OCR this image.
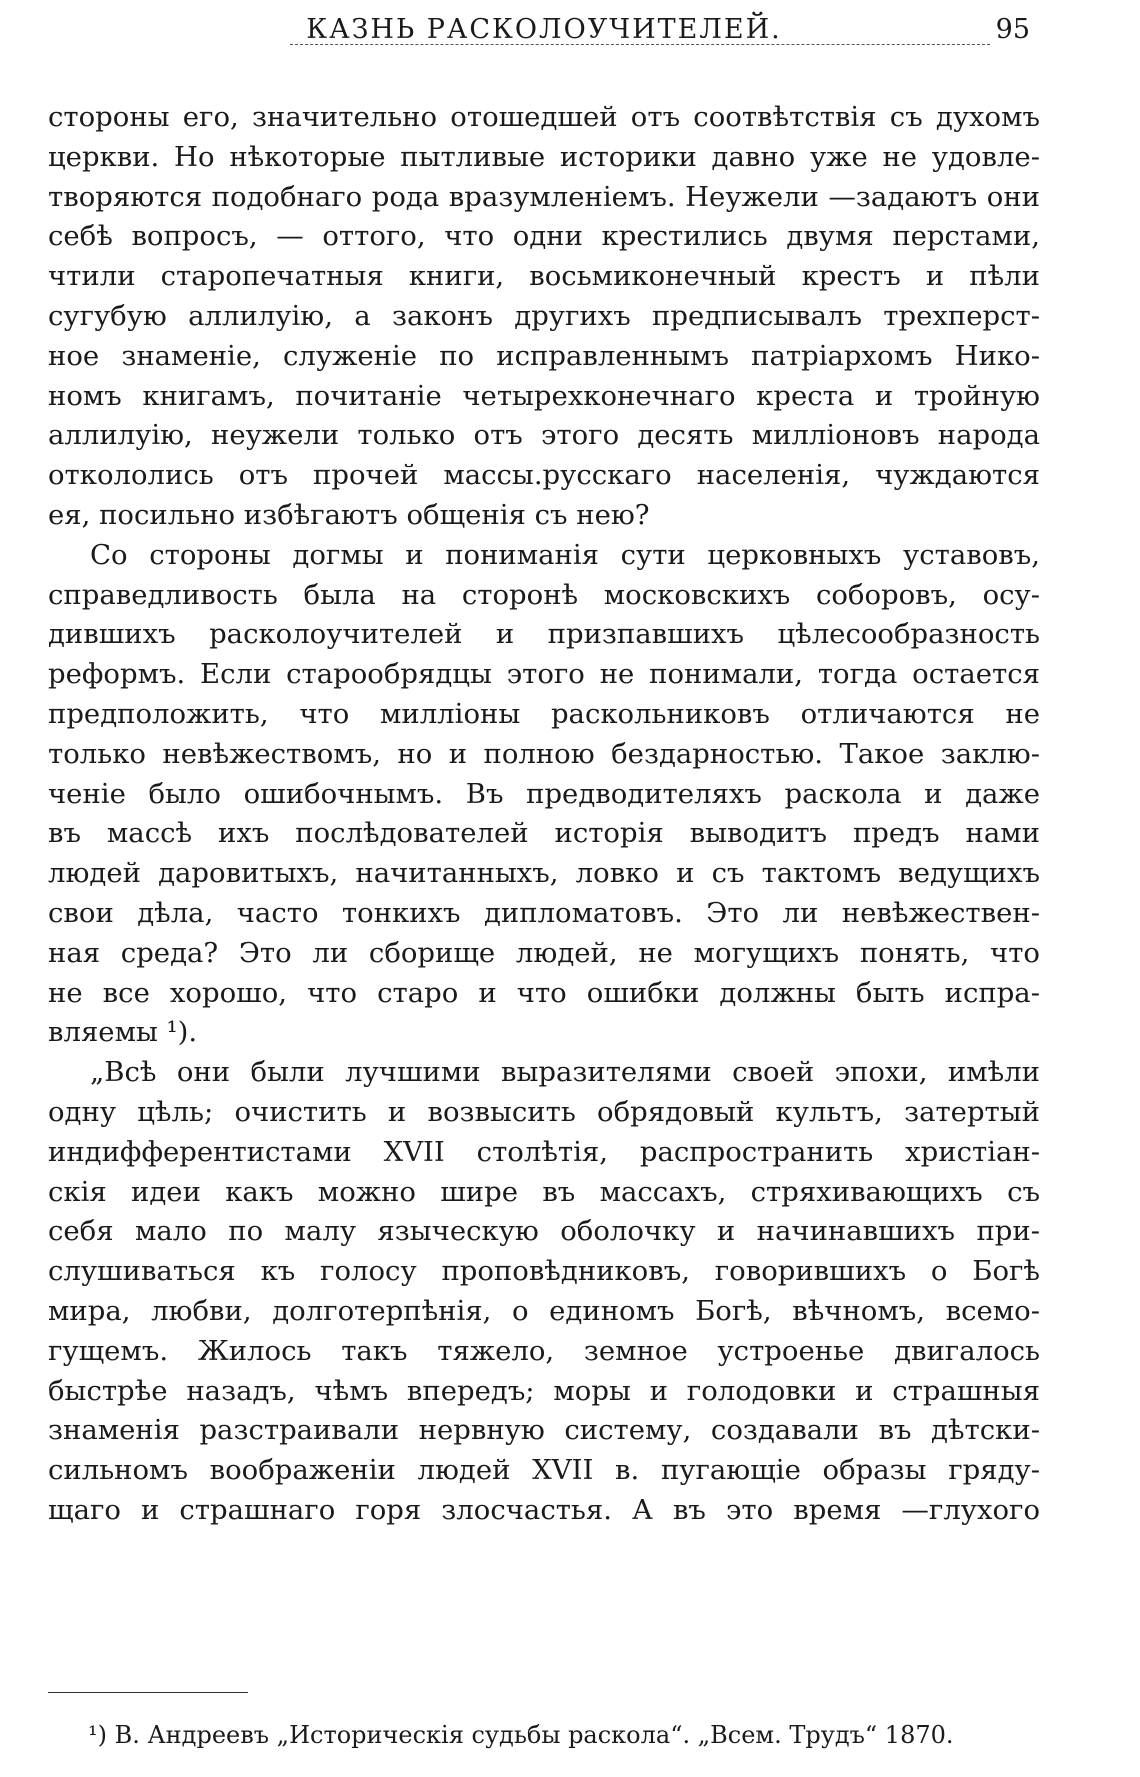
КАЗНЬ РАСКОЛОУЧИТЕЛЕЙ.	95
стороны его, значительно отошедшей отъ соотвѣтствія съ духомъ
церкви. Но нѣкоторые пытливые историки давно уже не удовле-
творяются подобнаго рода вразумленіемъ. Неужели —задаютъ они
себѣ вопросъ, — оттого, что одни крестились двумя перстами,
чтили старопечатныя книги, восьмиконечный крестъ и пѣли
сугубую аллилуію, а законъ другихъ предписывалъ трехперст-
ное знаменіе, служеніе по исправленнымъ патріархомъ Нико-
номъ книгамъ, почитаніе четырехконечнаго креста и тройную
аллилуію, неужели только отъ этого десять милліоновъ народа
откололись отъ прочей массы.русскаго населенія, чуждаются
ея, посильно избѣгаютъ общенія съ нею?
Со стороны догмы и пониманія сути церковныхъ уставовъ,
справедливость была на сторонѣ московскихъ соборовъ, осу-
дившихъ расколоучителей и призпавшихъ цѣлесообразность
реформъ. Если старообрядцы этого не понимали, тогда остается
предположить, что милліоны раскольниковъ отличаются не
только невѣжествомъ, но и полною бездарностью. Такое заклю-
ченіе было ошибочнымъ. Въ предводителяхъ раскола и даже
въ массѣ ихъ послѣдователей исторія выводитъ предъ нами
людей даровитыхъ, начитанныхъ, ловко и съ тактомъ ведущихъ
свои дѣла, часто тонкихъ дипломатовъ. Это ли невѣжествен-
ная среда? Это ли сборище людей, не могущихъ понять, что
не все хорошо, что старо и что ошибки должны быть испра-
вляемы ¹).
„Всѣ они были лучшими выразителями своей эпохи, имѣли
одну цѣль; очистить и возвысить обрядовый культъ, затертый
индифферентистами XVII столѣтія, распространить христіан-
скія идеи какъ можно шире въ массахъ, стряхивающихъ съ
себя мало по малу языческую оболочку и начинавшихъ при-
слушиваться къ голосу проповѣдниковъ, говорившихъ о Богѣ
мира, любви, долготерпѣнія, о единомъ Богѣ, вѣчномъ, всемо-
гущемъ. Жилось такъ тяжело, земное устроенье двигалось
быстрѣе назадъ, чѣмъ впередъ; моры и голодовки и страшныя
знаменія разстраивали нервную систему, создавали въ дѣтски-
сильномъ воображеніи людей XVII в. пугающіе образы гряду-
щаго и страшнаго горя злосчастья. А въ это время —глухого
¹) В. Андреевъ „Историческія судьбы раскола“. „Всем. Трудъ“ 1870.
